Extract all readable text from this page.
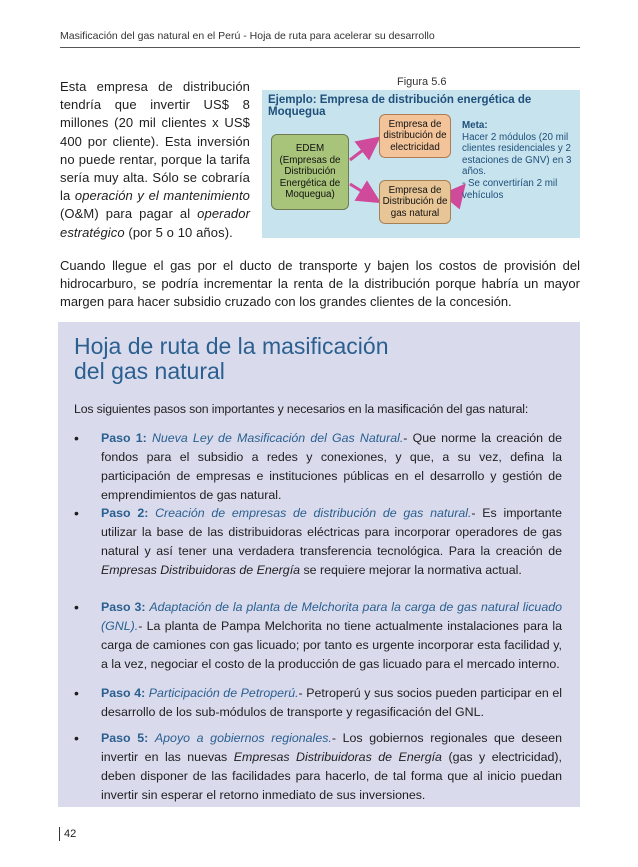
Masificación del gas natural en el Perú - Hoja de ruta para acelerar su desarrollo
Esta empresa de distribución tendría que invertir US$ 8 millones (20 mil clientes x US$ 400 por cliente). Esta inversión no puede rentar, porque la tarifa sería muy alta. Sólo se cobraría la operación y el mantenimiento (O&M) para pagar al operador estratégico (por 5 o 10 años).
Figura 5.6
Ejemplo: Empresa de distribución energética de Moquegua
EDEM (Empresas de Distribución Energética de Moquegua)
Empresa de distribución de electricidad
Empresa de Distribución de gas natural
Meta:
Hacer 2 módulos (20 mil clientes residenciales y 2 estaciones de GNV) en 3 años.
- Se convertirían 2 mil vehículos
Cuando llegue el gas por el ducto de transporte y bajen los costos de provisión del hidrocarburo, se podría incrementar la renta de la distribución porque habría un mayor margen para hacer subsidio cruzado con los grandes clientes de la concesión.
Hoja de ruta de la masificación del gas natural
Los siguientes pasos son importantes y necesarios en la masificación del gas natural:
• Paso 1: Nueva Ley de Masificación del Gas Natural.- Que norme la creación de fondos para el subsidio a redes y conexiones, y que, a su vez, defina la participación de empresas e instituciones públicas en el desarrollo y gestión de emprendimientos de gas natural.
• Paso 2: Creación de empresas de distribución de gas natural.- Es importante utilizar la base de las distribuidoras eléctricas para incorporar operadores de gas natural y así tener una verdadera transferencia tecnológica. Para la creación de Empresas Distribuidoras de Energía se requiere mejorar la normativa actual.
• Paso 3: Adaptación de la planta de Melchorita para la carga de gas natural licuado (GNL).- La planta de Pampa Melchorita no tiene actualmente instalaciones para la carga de camiones con gas licuado; por tanto es urgente incorporar esta facilidad y, a la vez, negociar el costo de la producción de gas licuado para el mercado interno.
• Paso 4: Participación de Petroperú.- Petroperú y sus socios pueden participar en el desarrollo de los sub-módulos de transporte y regasificación del GNL.
• Paso 5: Apoyo a gobiernos regionales.- Los gobiernos regionales que deseen invertir en las nuevas Empresas Distribuidoras de Energía (gas y electricidad), deben disponer de las facilidades para hacerlo, de tal forma que al inicio puedan invertir sin esperar el retorno inmediato de sus inversiones.
42
